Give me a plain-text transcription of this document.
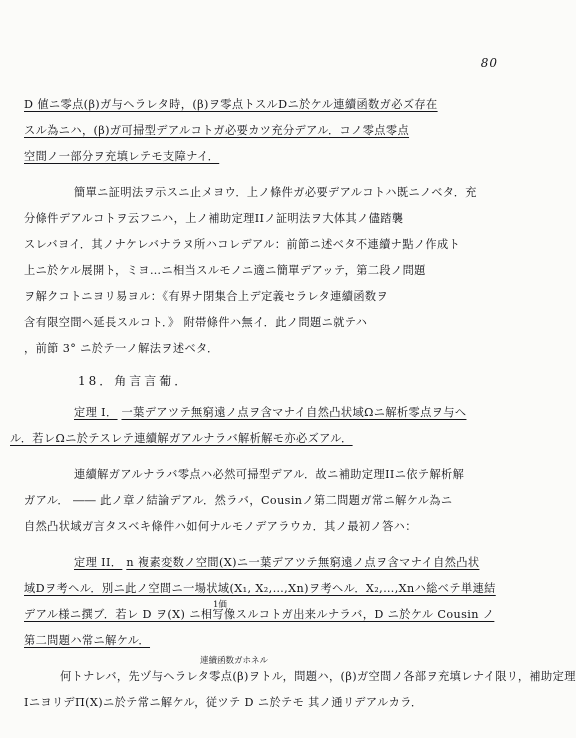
80
D 値ニ零点(β)ガ与ヘラレタ時，(β)ヲ零点トスルDニ於ケル連續函数ガ必ズ存在
スル為ニハ，(β)ガ可掃型デアルコトガ必要カツ充分デアル．コノ零点零点
空間ノ一部分ヲ充填レテモ支障ナイ．
簡單ニ証明法ヲ示スニ止メヨウ．上ノ條件ガ必要デアルコトハ既ニノベタ．充
分條件デアルコトヲ云フニハ，上ノ補助定理IIノ証明法ヲ大体其ノ儘踏襲
スレバヨイ．其ノナケレバナラヌ所ハコレデアル：前節ニ述ベタ不連續ナ點ノ作成ト
上ニ於ケル展開ト，ミヨ…ニ相当スルモノニ適ニ簡單デアッテ，第二段ノ問題
ヲ解クコトニヨリ易ヨル：《有界ナ閉集合上デ定義セラレタ連續函数ヲ
含有限空間ヘ延長スルコト．》 附帯條件ハ無イ．此ノ問題ニ就テハ
，前節 3° ニ於テ一ノ解法ヲ述ベタ．
18．角言言葡．
定理 I． 一葉デアツテ無窮遠ノ点ヲ含マナイ自然凸状域Ωニ解析零点ヲ与へ
ル．若レΩニ於テスレテ連續解ガアルナラバ解析解モ亦必ズアル．
連續解ガアルナラバ零点ハ必然可掃型デアル．故ニ補助定理IIニ依テ解析解
ガアル． ―― 此ノ章ノ結論デアル．然ラバ，Cousinノ第二問題ガ常ニ解ケル為ニ
自然凸状域ガ言タスベキ條件ハ如何ナルモノデアラウカ．其ノ最初ノ答ハ：
定理 II． n 複素変数ノ空間(X)ニ一葉デアツテ無窮遠ノ点ヲ含マナイ自然凸状
域Dヲ考ヘル．別ニ此ノ空間ニ一場状域(X₁, X₂,…,Xn)ヲ考ヘル．X₂,…,Xnハ総ベテ単連結
1価
デアル様ニ撰ブ．若レ D ヲ(X) ニ相写像スルコトガ出来ルナラバ，D ニ於ケル Cousin ノ
第二問題ハ常ニ解ケル．
連續函数ガホネル
何トナレバ，先ヅ与ヘラレタ零点(β)ヲトル，問題ハ，(β)ガ空間ノ各部ヲ充填レナイ限リ，補助定理
IニヨリデΠ(X)ニ於テ常ニ解ケル，従ツテ D ニ於テモ 其ノ通リデアルカラ．
